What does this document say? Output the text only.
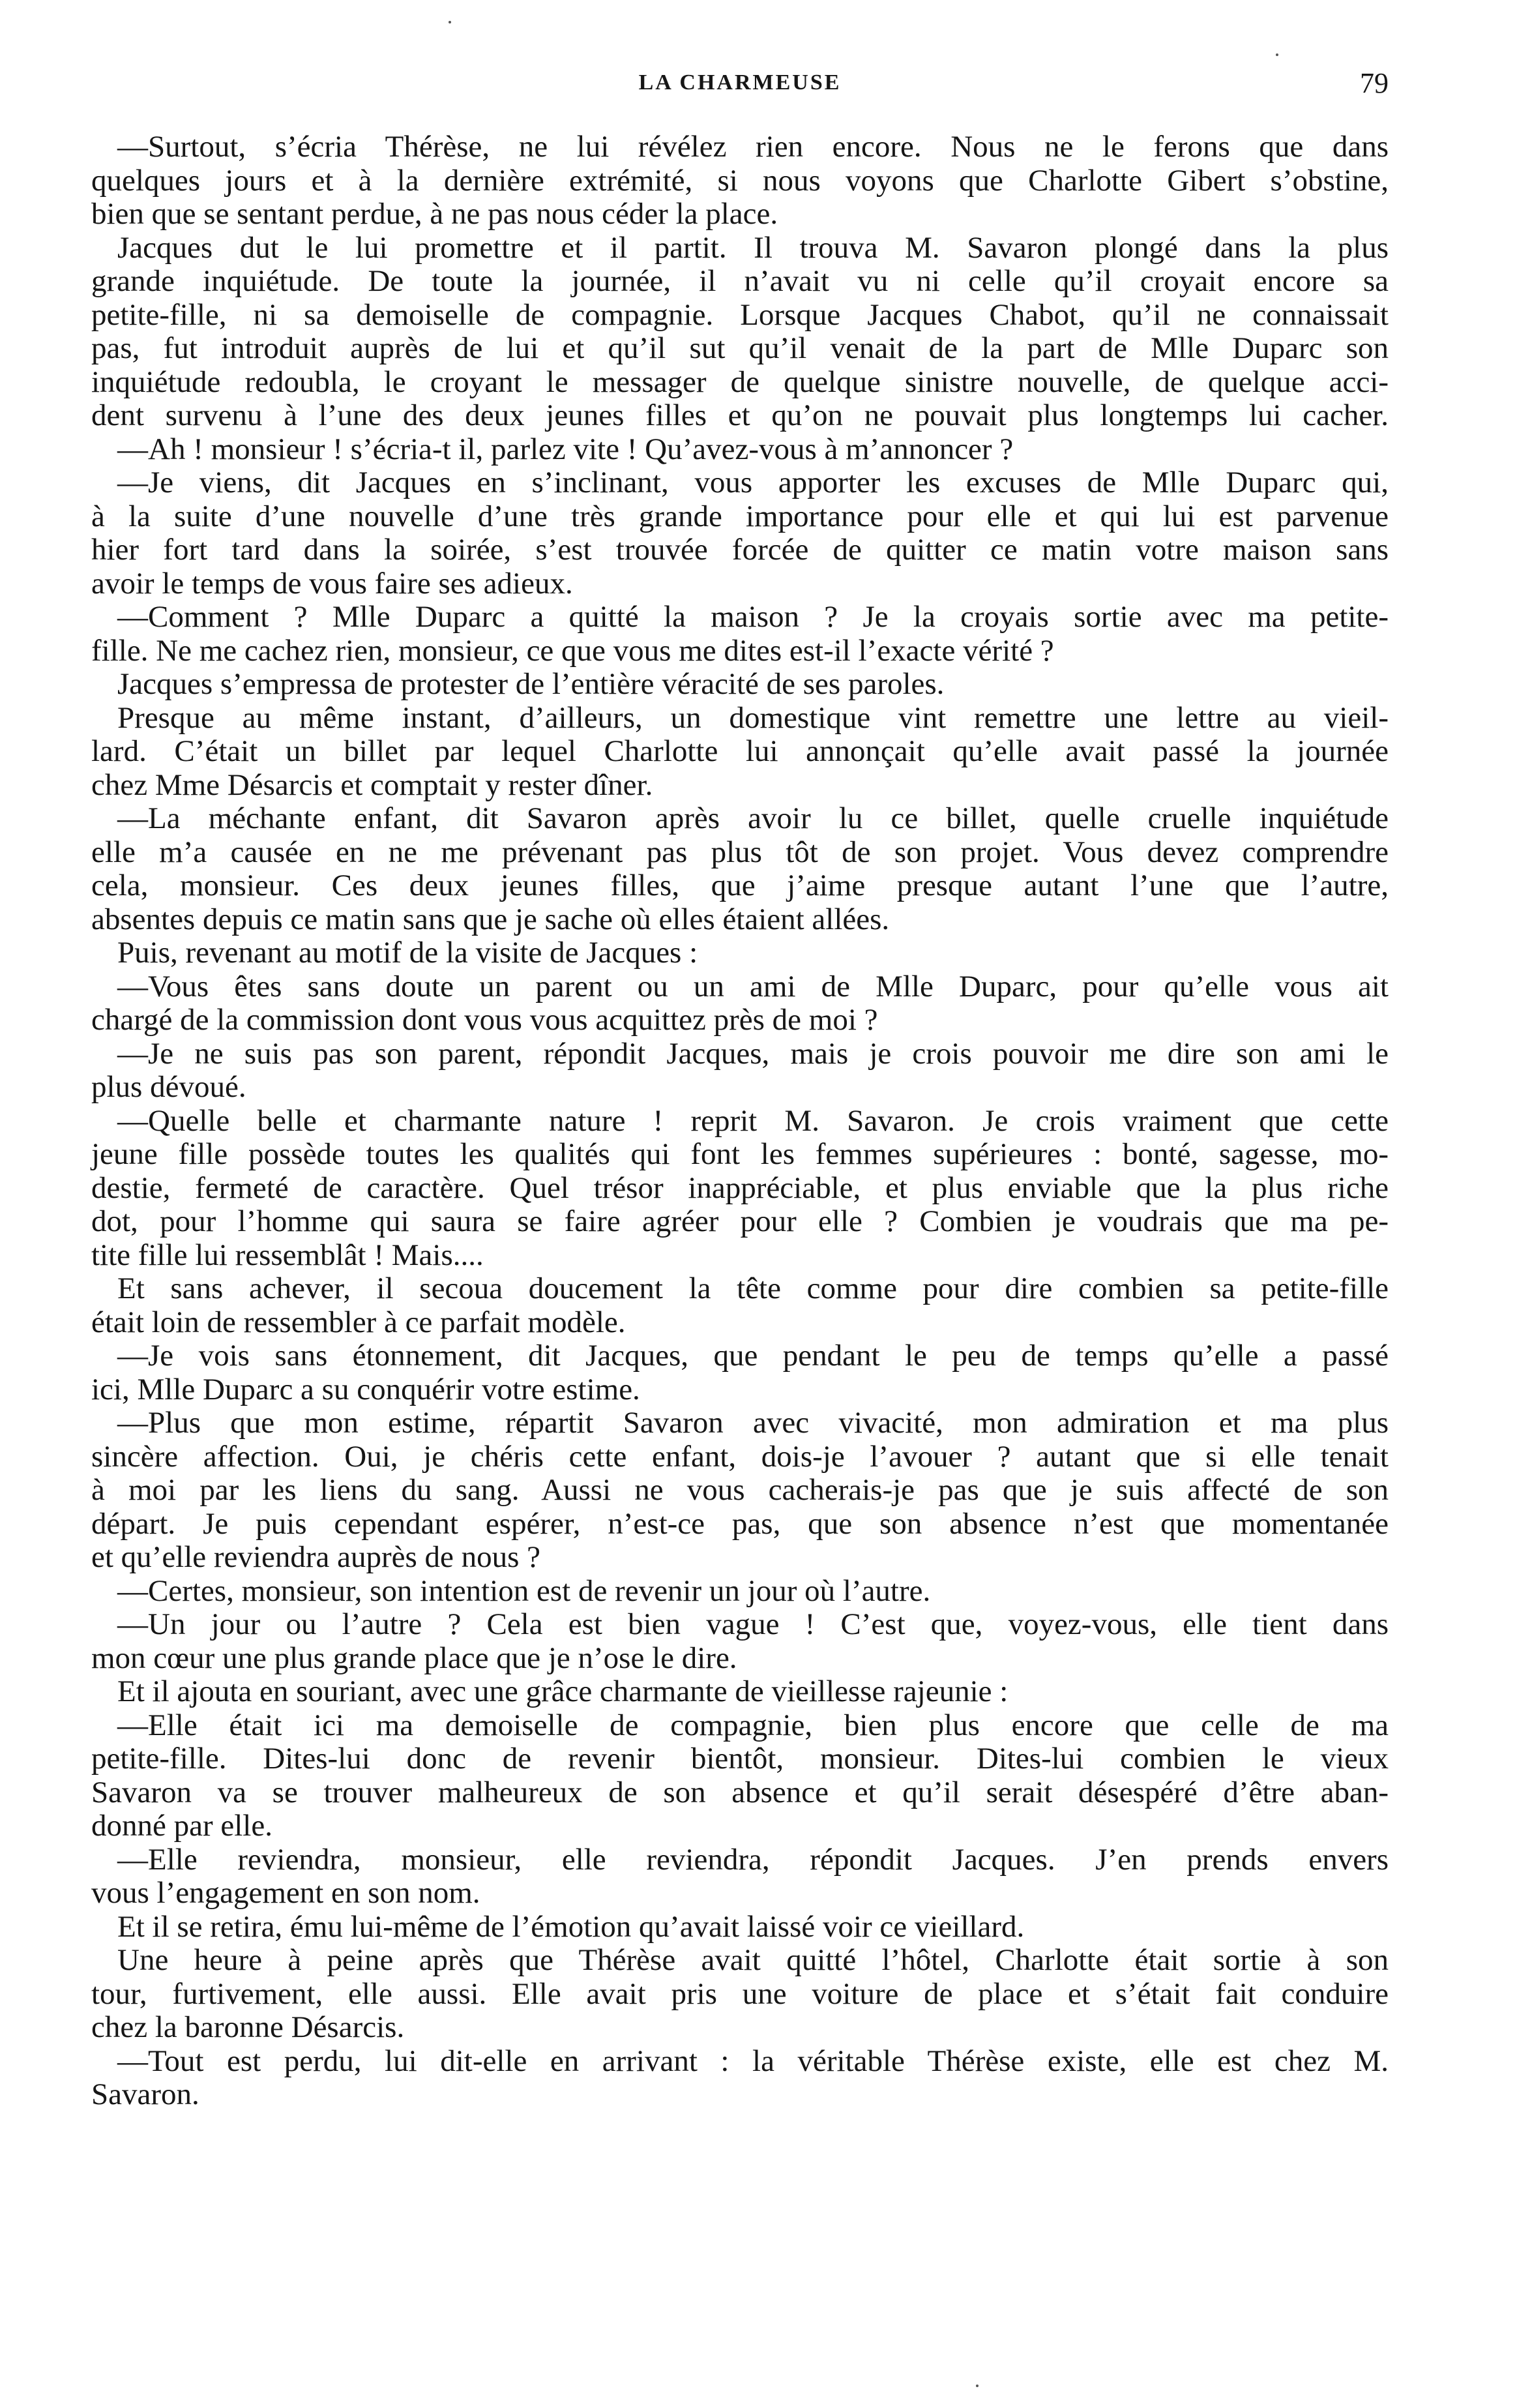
LA CHARMEUSE	79
—Surtout, s’écria Thérèse, ne lui révélez rien encore. Nous ne le ferons que dans
quelques jours et à la dernière extrémité, si nous voyons que Charlotte Gibert s’obstine,
bien que se sentant perdue, à ne pas nous céder la place.
Jacques dut le lui promettre et il partit. Il trouva M. Savaron plongé dans la plus
grande inquiétude. De toute la journée, il n’avait vu ni celle qu’il croyait encore sa
petite-fille, ni sa demoiselle de compagnie. Lorsque Jacques Chabot, qu’il ne connaissait
pas, fut introduit auprès de lui et qu’il sut qu’il venait de la part de Mlle Duparc son
inquiétude redoubla, le croyant le messager de quelque sinistre nouvelle, de quelque acci-
dent survenu à l’une des deux jeunes filles et qu’on ne pouvait plus longtemps lui cacher.
—Ah ! monsieur ! s’écria-t il, parlez vite ! Qu’avez-vous à m’annoncer ?
—Je viens, dit Jacques en s’inclinant, vous apporter les excuses de Mlle Duparc qui,
à la suite d’une nouvelle d’une très grande importance pour elle et qui lui est parvenue
hier fort tard dans la soirée, s’est trouvée forcée de quitter ce matin votre maison sans
avoir le temps de vous faire ses adieux.
—Comment ? Mlle Duparc a quitté la maison ? Je la croyais sortie avec ma petite-
fille. Ne me cachez rien, monsieur, ce que vous me dites est-il l’exacte vérité ?
Jacques s’empressa de protester de l’entière véracité de ses paroles.
Presque au même instant, d’ailleurs, un domestique vint remettre une lettre au vieil-
lard. C’était un billet par lequel Charlotte lui annonçait qu’elle avait passé la journée
chez Mme Désarcis et comptait y rester dîner.
—La méchante enfant, dit Savaron après avoir lu ce billet, quelle cruelle inquiétude
elle m’a causée en ne me prévenant pas plus tôt de son projet. Vous devez comprendre
cela, monsieur. Ces deux jeunes filles, que j’aime presque autant l’une que l’autre,
absentes depuis ce matin sans que je sache où elles étaient allées.
Puis, revenant au motif de la visite de Jacques :
—Vous êtes sans doute un parent ou un ami de Mlle Duparc, pour qu’elle vous ait
chargé de la commission dont vous vous acquittez près de moi ?
—Je ne suis pas son parent, répondit Jacques, mais je crois pouvoir me dire son ami le
plus dévoué.
—Quelle belle et charmante nature ! reprit M. Savaron. Je crois vraiment que cette
jeune fille possède toutes les qualités qui font les femmes supérieures : bonté, sagesse, mo-
destie, fermeté de caractère. Quel trésor inappréciable, et plus enviable que la plus riche
dot, pour l’homme qui saura se faire agréer pour elle ? Combien je voudrais que ma pe-
tite fille lui ressemblât ! Mais....
Et sans achever, il secoua doucement la tête comme pour dire combien sa petite-fille
était loin de ressembler à ce parfait modèle.
—Je vois sans étonnement, dit Jacques, que pendant le peu de temps qu’elle a passé
ici, Mlle Duparc a su conquérir votre estime.
—Plus que mon estime, répartit Savaron avec vivacité, mon admiration et ma plus
sincère affection. Oui, je chéris cette enfant, dois-je l’avouer ? autant que si elle tenait
à moi par les liens du sang. Aussi ne vous cacherais-je pas que je suis affecté de son
départ. Je puis cependant espérer, n’est-ce pas, que son absence n’est que momentanée
et qu’elle reviendra auprès de nous ?
—Certes, monsieur, son intention est de revenir un jour où l’autre.
—Un jour ou l’autre ? Cela est bien vague ! C’est que, voyez-vous, elle tient dans
mon cœur une plus grande place que je n’ose le dire.
Et il ajouta en souriant, avec une grâce charmante de vieillesse rajeunie :
—Elle était ici ma demoiselle de compagnie, bien plus encore que celle de ma
petite-fille. Dites-lui donc de revenir bientôt, monsieur. Dites-lui combien le vieux
Savaron va se trouver malheureux de son absence et qu’il serait désespéré d’être aban-
donné par elle.
—Elle reviendra, monsieur, elle reviendra, répondit Jacques. J’en prends envers
vous l’engagement en son nom.
Et il se retira, ému lui-même de l’émotion qu’avait laissé voir ce vieillard.
Une heure à peine après que Thérèse avait quitté l’hôtel, Charlotte était sortie à son
tour, furtivement, elle aussi. Elle avait pris une voiture de place et s’était fait conduire
chez la baronne Désarcis.
—Tout est perdu, lui dit-elle en arrivant : la véritable Thérèse existe, elle est chez M.
Savaron.
